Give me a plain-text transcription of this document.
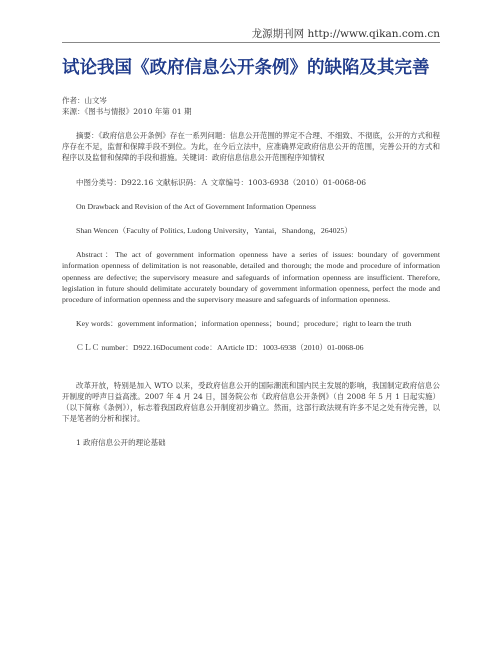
龙源期刊网 http://www.qikan.com.cn
试论我国《政府信息公开条例》的缺陷及其完善
作者：山文岑
来源：《图书与情报》2010 年第 01 期

摘要：《政府信息公开条例》存在一系列问题：信息公开范围的界定不合理、不细致、不彻底，公开的方式和程序存在不足，监督和保障手段不到位。为此，在今后立法中，应准确界定政府信息公开的范围，完善公开的方式和程序以及监督和保障的手段和措施。关键词：政府信息信息公开范围程序知情权

中图分类号：D922.16 文献标识码：Ａ 文章编号：1003-6938（2010）01-0068-06

On Drawback and Revision of the Act of Government Information Openness

Shan Wencen（Faculty of Politics, Ludong University，Yantai，Shandong，264025）

Abstract：The act of government information openness have a series of issues: boundary of government information openness of delimitation is not reasonable, detailed and thorough; the mode and procedure of information openness are defective; the supervisory measure and safeguards of information openness are insufficient. Therefore, legislation in future should delimitate accurately boundary of government information openness, perfect the mode and procedure of information openness and the supervisory measure and safeguards of information openness.

Key words：government information；information openness；bound；procedure；right to learn the truth

ＣＬＣ number：D922.16Document code：AArticle ID：1003-6938（2010）01-0068-06

改革开放，特别是加入 WTO 以来，受政府信息公开的国际潮流和国内民主发展的影响，我国制定政府信息公开制度的呼声日益高涨。2007 年 4 月 24 日，国务院公布《政府信息公开条例》（自 2008 年 5 月 1 日起实施）（以下简称《条例》），标志着我国政府信息公开制度初步确立。然而，这部行政法规有许多不足之处有待完善，以下是笔者的分析和探讨。

1 政府信息公开的理论基础
